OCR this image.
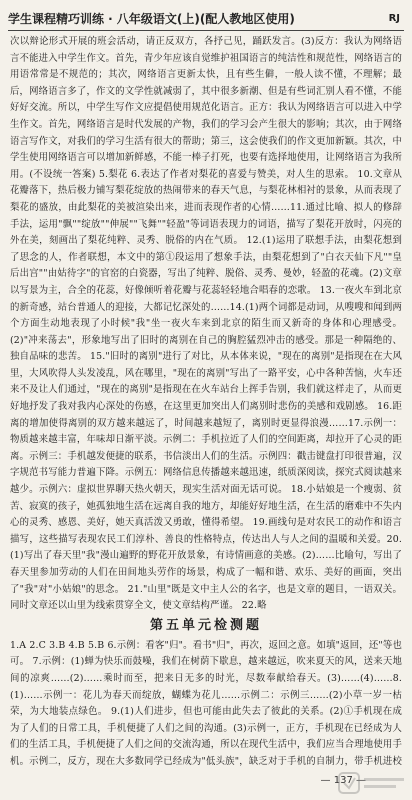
学生课程精巧训练 · 八年级语文(上)(配人教地区使用)	RJ

次以辩论形式开展的班会活动，请正反双方，各抒己见，踊跃发言。(3)反方：我认为网络语言不能进入中学生作文。首先，青少年应该自觉维护祖国语言的纯洁性和规范性，网络语言的用语常常是不规范的；其次，网络语言更新太快，且有些生僻，一般人读不懂，不理解；最后，网络语言多了，作文的文学性就减弱了，其中很多新潮、但是有些词汇别人看不懂，不能好好交流。所以，中学生写作文应提倡使用规范化语言。正方：我认为网络语言可以进入中学生作文。首先，网络语言是时代发展的产物，我们的学习会产生很大的影响；其次，由于网络语言写作文，对我们的学习生活有很大的帮助；第三，这会使我们的作文更加新颖。其次，中学生使用网络语言可以增加新鲜感，不能一棒子打死，也要有选择地使用，让网络语言为我所用。(不设统一答案) 5.梨花 6.表达了作者对梨花的喜爱与赞美，对人生的思索。 10.文章从花瓣落下，热后极力铺写梨花绽放的热闹带来的春天气息，与梨花林相衬的景象，从而表现了梨花的盛放，由此梨花的美被渲染出来，进而表现作者的心情……11.通过比喻、拟人的修辞手法，运用"飘""绽放""伸展""飞舞""轻盈"等词语表现力的词语，描写了梨花开放时，闪亮的外在美，刻画出了梨花纯粹、灵秀、脱俗的内在气质。 12.(1)运用了联想手法，由梨花想到了思念的人，作者联想，本文中的第①段运用了想象手法，由梨花想到了"白衣天仙下凡""皇后出宫""由姑待字"的官窑的白瓷器，写出了纯粹、脱俗、灵秀、曼妙，轻盈的花魂。(2)文章以写景为主，合全的花蕊，好像倾听着花瓣与花蕊轻轻地合唱春的恋歌。 13.一夜火车到北京的新奇感，站台普通人的迎接，大都记忆深处的……14.(1)两个词都是动词，从嗖嗖和闻到两个方面生动地表现了小时候"我"坐一夜火车来到北京的陌生而又新奇的身体和心理感受。(2)"冲来荡去"，形象地写出了旧时的离别在自己的胸腔猛烈冲击的感受。那是一种隔绝的、独自品味的悲苦。 15."旧时的离别"进行了对比，从本体来说，"现在的离别"是指现在在大风里，大风吹得人头发凌乱，风在哪里，"现在的离别"写出了一路平安，心中各种苦恼，火车还来不及让人们通过，"现在的离别"是指现在在火车站台上挥手告别，我们就这样走了，从而更好地抒发了我对我内心深处的伤感，在这里更加突出人们离别时悲伤的美感和戏剧感。 16.距离的增加使得离别的双方越来越远了，时间越来越短了，离别时更显得浪漫……17.示例一：物质越来越丰富，年味却日渐平淡。示例二：手机拉近了人们的空间距离，却拉开了心灵的距离。示例三：手机越发便捷的联系，书信淡出人们的生活。示例四：戳击键盘打印很普遍，汉字规范书写能力普遍下降。示例五：网络信息传播越来越迅速，纸质深阅读，探究式阅读越来越少。示例六：虚拟世界聊天热火朝天，现实生活对面无话可说。 18.小姑娘是一个瘦弱、贫苦、寂寞的孩子，她孤独地生活在远离自我的地方，却能好好地生活，在生活的磨难中不失内心的灵秀、感恩、美好，她天真活泼又勇敢，懂得希望。 19.画线句是对农民工的动作和语言描写，这些描写表现农民工们淳朴、善良的性格特点，传达出人与人之间的温暖和关爱。20.(1)写出了春天里"我"漫山遍野的野花开放景象，有诗情画意的美感。(2)……比喻句，写出了春天里参加劳动的人们在田间地头劳作的场景，构成了一幅和谐、欢乐、美好的画面，突出了"我"对"小姑娘"的思念。 21."山里"既是文中主人公的名字，也是文章的题目，一语双关。同时文章还以山里为线索贯穿全文，使文章结构严谨。 22.略

第五单元检测题

1.A 2.C 3.B 4.B 5.B 6.示例：看客"归"。看书"归"，再次，返回之意。如填"返回，还"等也可。 7.示例：(1)蝉为快乐而鼓噪，我们在树荫下歇息，越来越远，吹来夏天的风，送来天地间的凉爽……(2)……乘时而至，把来日无多的时光，尽数奉献给春天。(3)……(4)……8.(1)……示例一：花儿为春天而绽放，蝴蝶为花儿……示例二：示例三……(2)小草一岁一枯荣，为大地装点绿色。 9.(1)人们进步，但也可能由此失去了彼此的关系。(2)①手机现在成为了人们的日常工具，手机便捷了人们之间的沟通。(3)示例一，正方，手机现在已经成为人们的生活工具，手机便捷了人们之间的交流沟通，所以在现代生活中，我们应当合理地使用手机。示例二，反方，现在大多数同学已经成为"低头族"，缺乏对于手机的自制力，带手机进校

— 137 —
